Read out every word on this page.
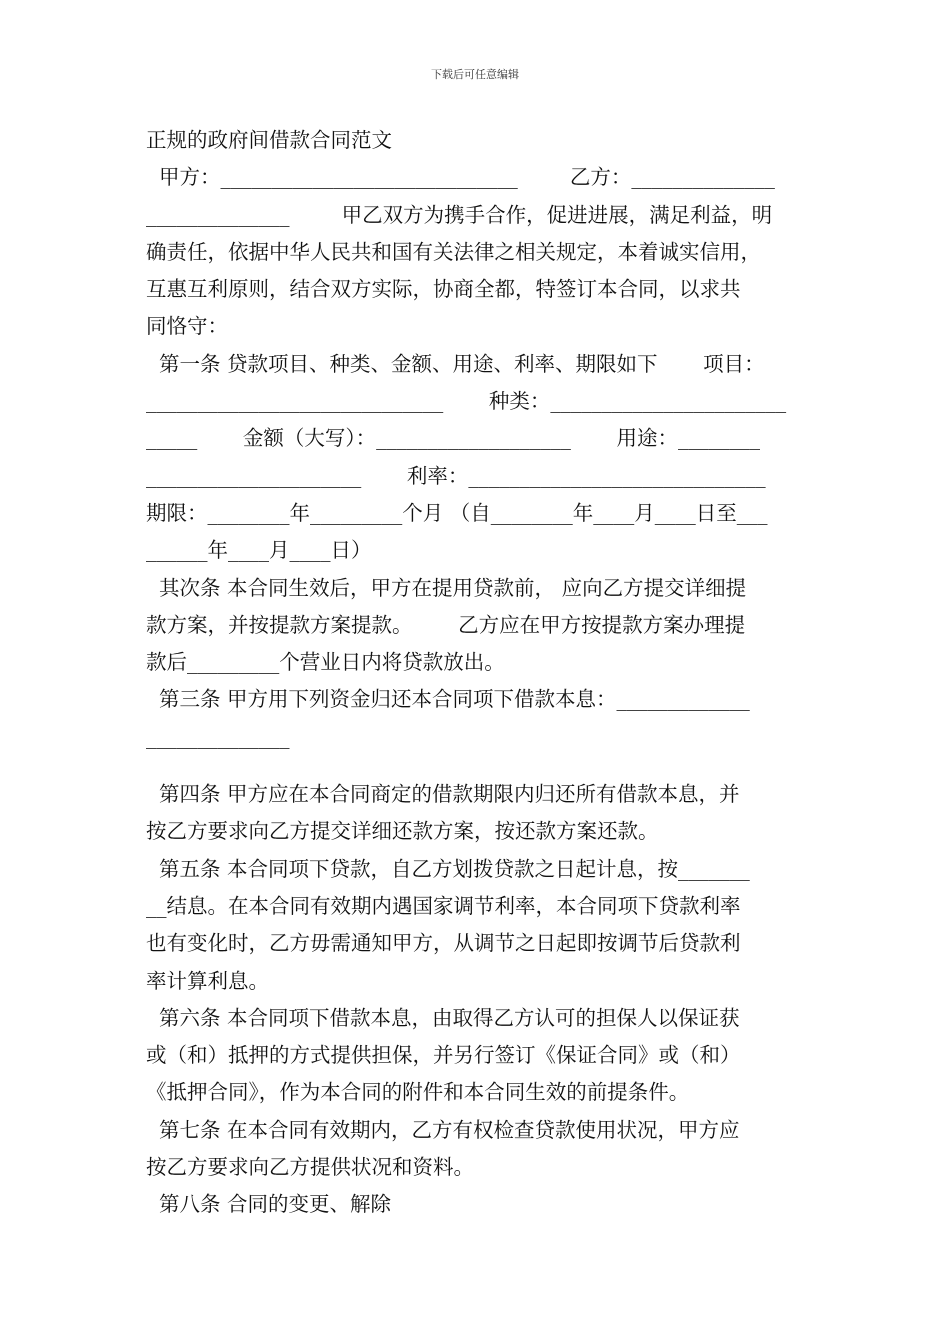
下载后可任意编辑
正规的政府间借款合同范文
甲方：_____________________________        乙方：______________
______________        甲乙双方为携手合作，促进进展，满足利益，明
确责任，依据中华人民共和国有关法律之相关规定，本着诚实信用，
互惠互利原则，结合双方实际，协商全都，特签订本合同，以求共
同恪守：
第一条 贷款项目、种类、金额、用途、利率、期限如下       项目：
_____________________________       种类：_______________________
_____       金额（大写）：___________________       用途：________
_____________________       利率：_____________________________
期限：________年_________个月 （自________年____月____日至___
______年____月____日）
其次条 本合同生效后，甲方在提用贷款前， 应向乙方提交详细提
款方案，并按提款方案提款。       乙方应在甲方按提款方案办理提
款后_________个营业日内将贷款放出。
第三条 甲方用下列资金归还本合同项下借款本息：_____________
______________
第四条 甲方应在本合同商定的借款期限内归还所有借款本息，并
按乙方要求向乙方提交详细还款方案，按还款方案还款。
第五条 本合同项下贷款，自乙方划拨贷款之日起计息，按_______
__结息。在本合同有效期内遇国家调节利率，本合同项下贷款利率
也有变化时，乙方毋需通知甲方，从调节之日起即按调节后贷款利
率计算利息。
第六条 本合同项下借款本息，由取得乙方认可的担保人以保证获
或（和）抵押的方式提供担保，并另行签订《保证合同》或（和）
《抵押合同》，作为本合同的附件和本合同生效的前提条件。
第七条 在本合同有效期内，乙方有权检查贷款使用状况，甲方应
按乙方要求向乙方提供状况和资料。
第八条 合同的变更、解除
